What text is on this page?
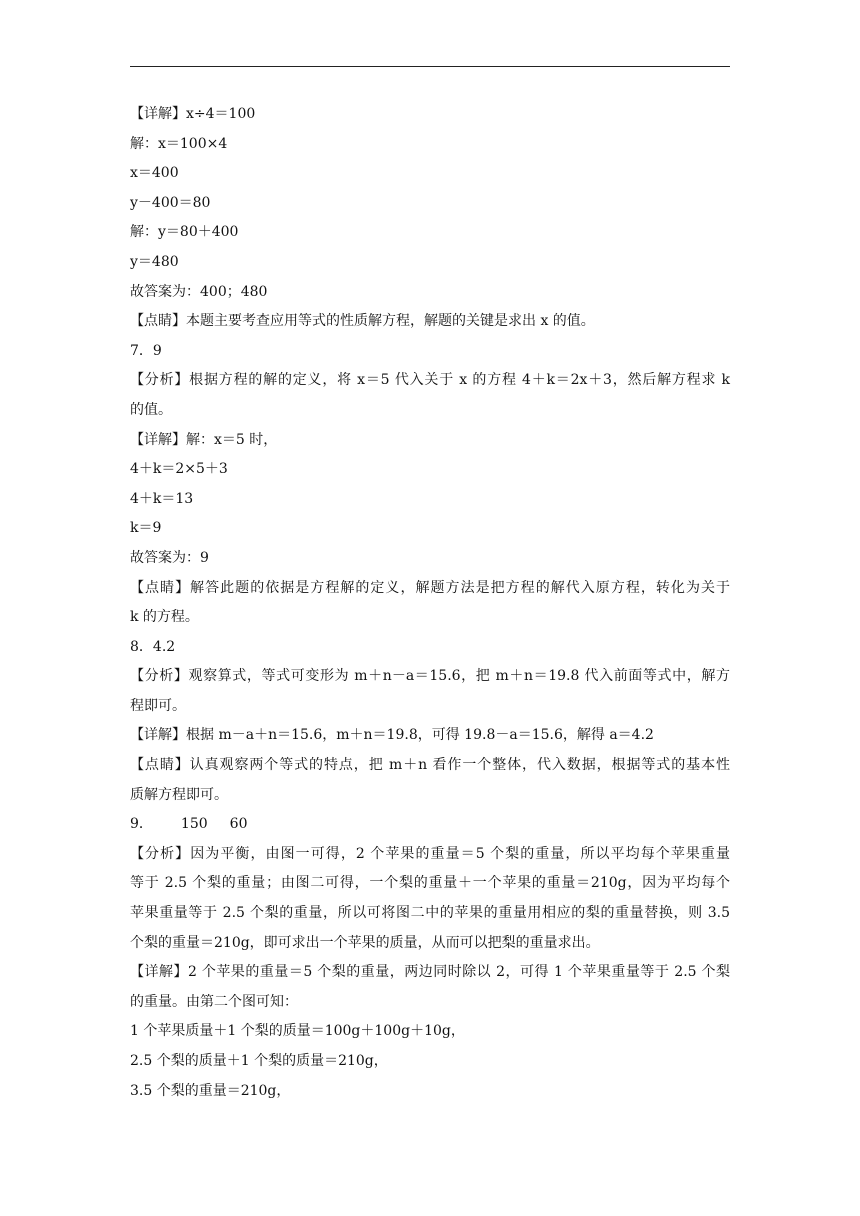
【详解】x÷4＝100
解：x＝100×4
x＝400
y－400＝80
解：y＝80＋400
y＝480
故答案为：400；480
【点睛】本题主要考查应用等式的性质解方程，解题的关键是求出 x 的值。
7．9
【分析】根据方程的解的定义，将 x＝5 代入关于 x 的方程 4＋k＝2x＋3，然后解方程求 k
的值。
【详解】解：x＝5 时，
4＋k＝2×5＋3
4＋k＝13
k＝9
故答案为：9
【点睛】解答此题的依据是方程解的定义，解题方法是把方程的解代入原方程，转化为关于
k 的方程。
8．4.2
【分析】观察算式，等式可变形为 m＋n－a＝15.6，把 m＋n＝19.8 代入前面等式中，解方
程即可。
【详解】根据 m－a＋n＝15.6，m＋n＝19.8，可得 19.8－a＝15.6，解得 a＝4.2
【点睛】认真观察两个等式的特点，把 m＋n 看作一个整体，代入数据，根据等式的基本性
质解方程即可。
9． 150 60
【分析】因为平衡，由图一可得，2 个苹果的重量＝5 个梨的重量，所以平均每个苹果重量
等于 2.5 个梨的重量；由图二可得，一个梨的重量＋一个苹果的重量＝210g，因为平均每个
苹果重量等于 2.5 个梨的重量，所以可将图二中的苹果的重量用相应的梨的重量替换，则 3.5
个梨的重量＝210g，即可求出一个苹果的质量，从而可以把梨的重量求出。
【详解】2 个苹果的重量＝5 个梨的重量，两边同时除以 2，可得 1 个苹果重量等于 2.5 个梨
的重量。由第二个图可知：
1 个苹果质量＋1 个梨的质量＝100g＋100g＋10g，
2.5 个梨的质量＋1 个梨的质量＝210g，
3.5 个梨的重量＝210g，
